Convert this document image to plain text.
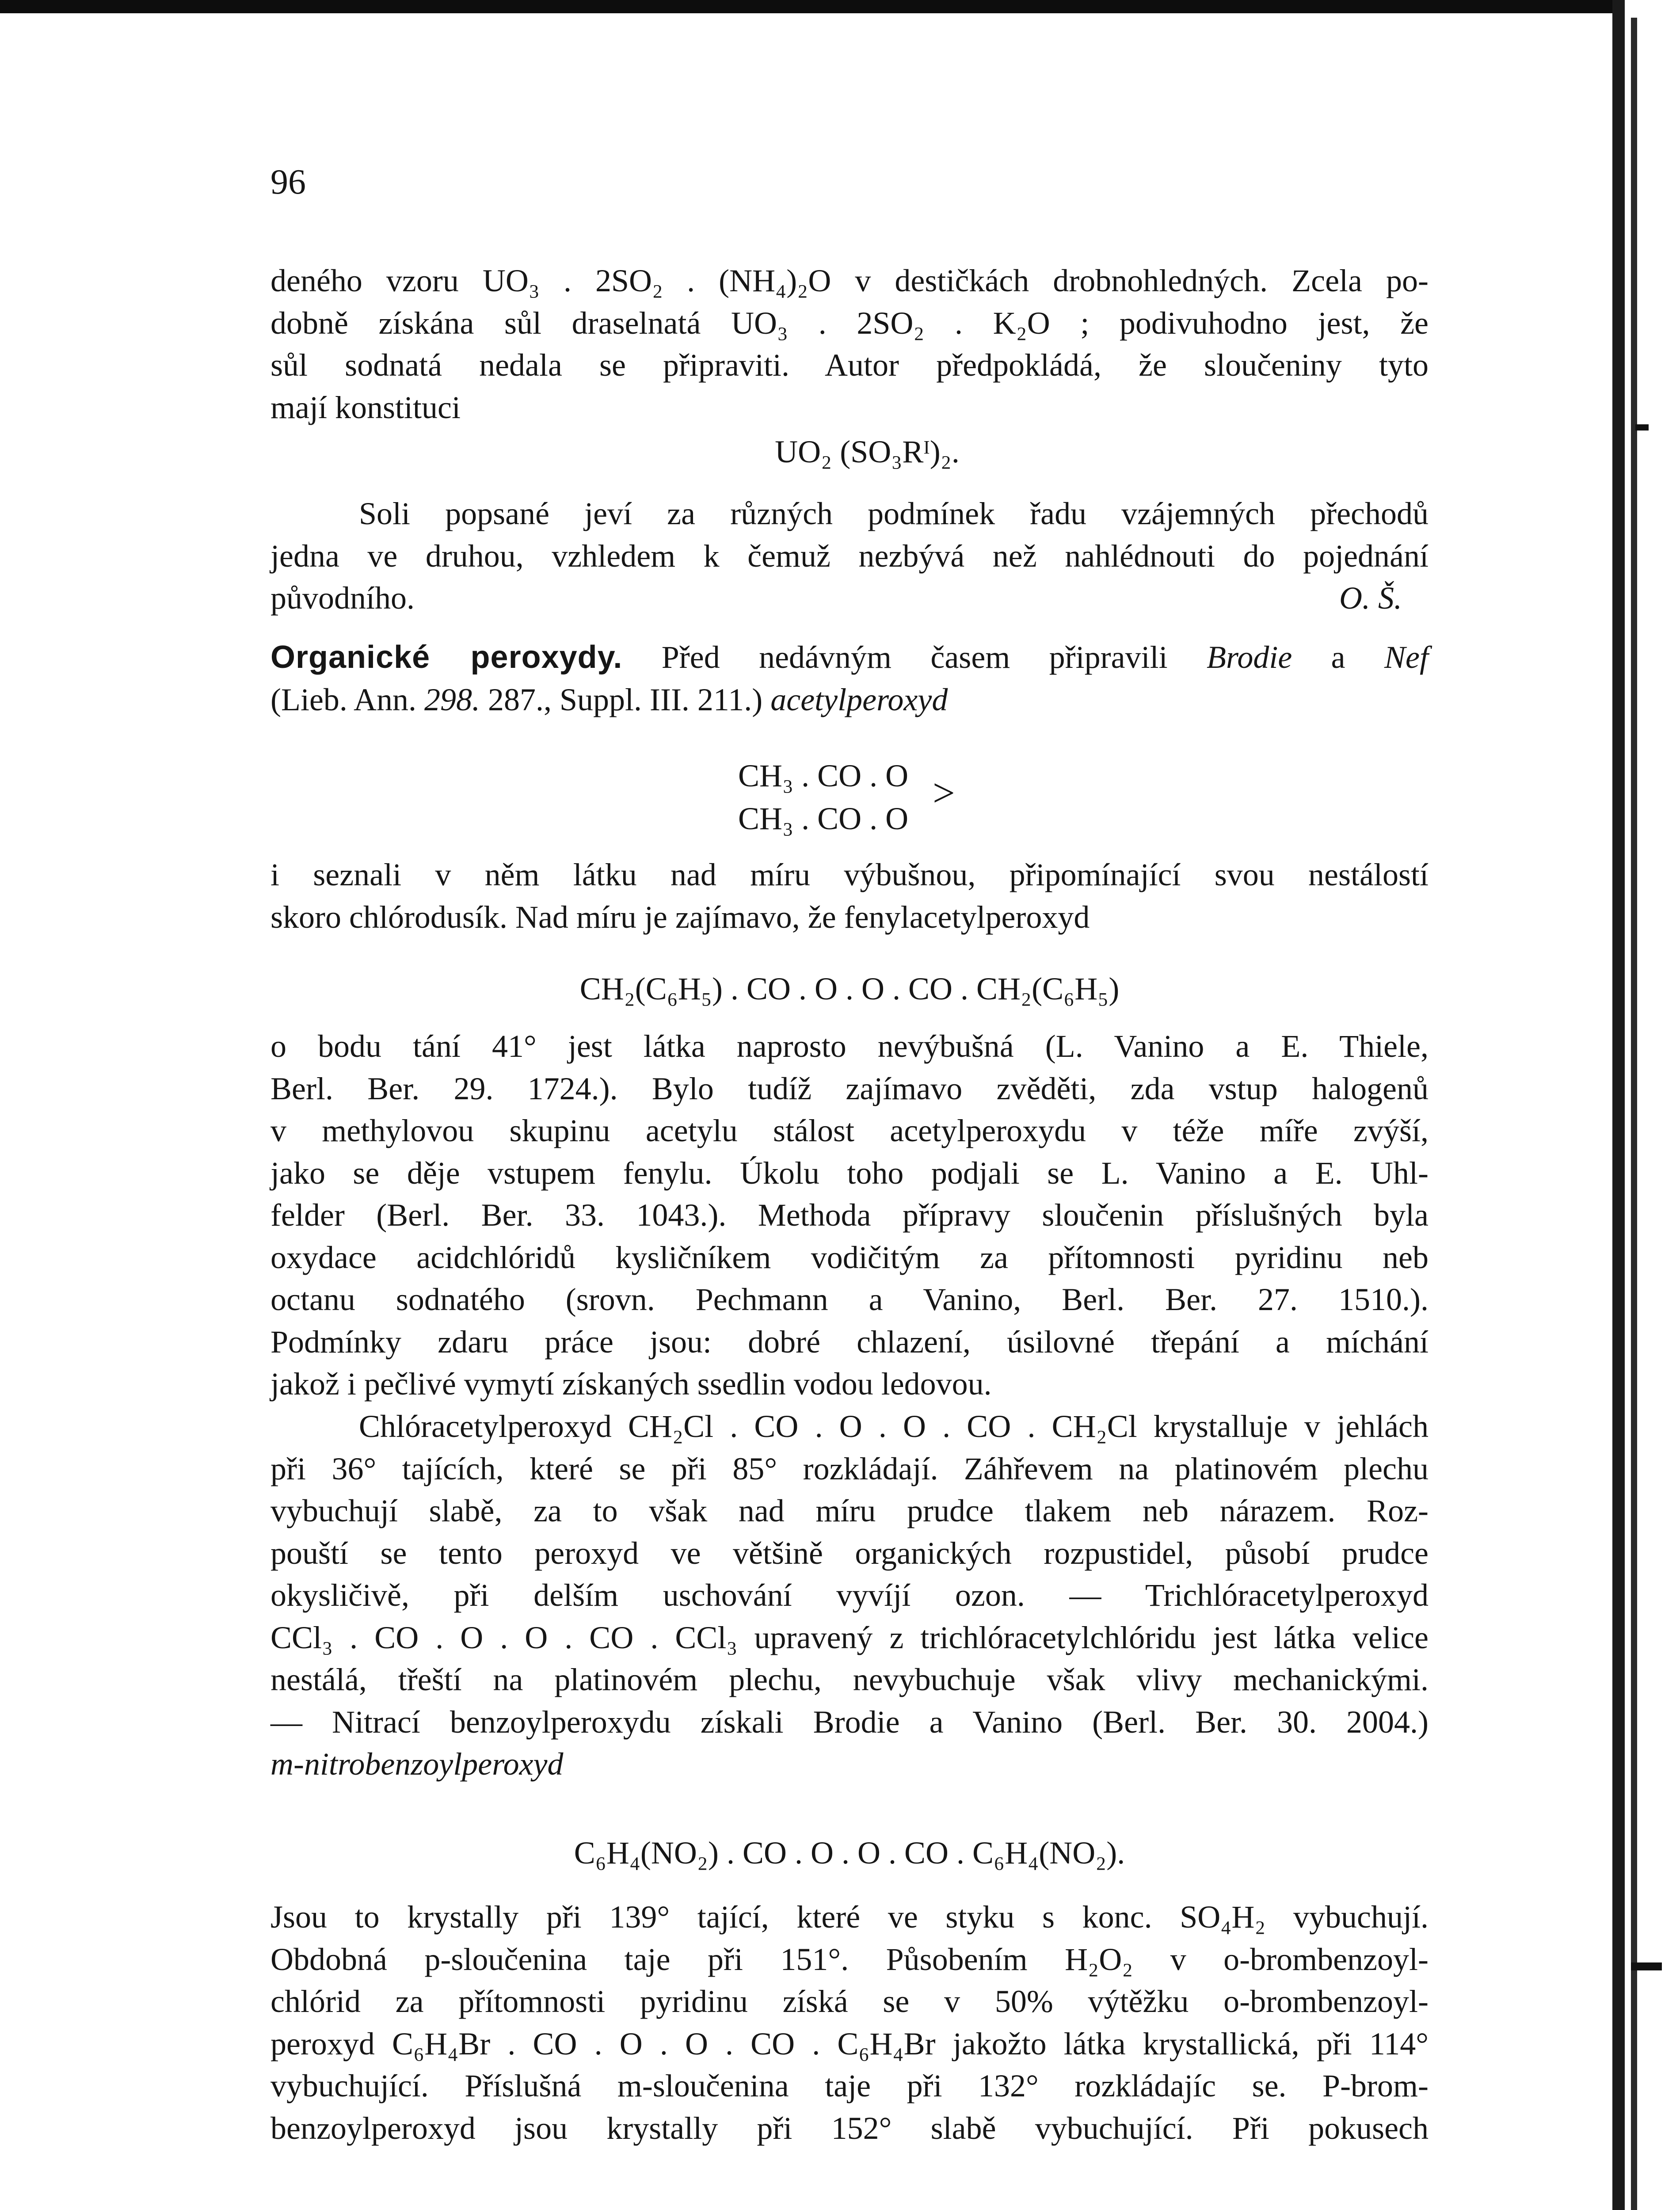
96
deného vzoru UO₃ . 2SO₂ . (NH₄)₂O v destičkách drobnohledných. Zcela po-
dobně získána sůl draselnatá UO₃ . 2SO₂ . K₂O ; podivuhodno jest, že
sůl sodnatá nedala se připraviti. Autor předpokládá, že sloučeniny tyto
mají konstituci
UO₂ (SO₃Rᴵ)₂.
Soli popsané jeví za různých podmínek řadu vzájemných přechodů
jedna ve druhou, vzhledem k čemuž nezbývá než nahlédnouti do pojednání
původního.	O. Š.
Organické peroxydy. Před nedávným časem připravili Brodie a Nef
(Lieb. Ann. 298. 287., Suppl. III. 211.) acetylperoxyd
CH₃ . CO . O
CH₃ . CO . O
>
i seznali v něm látku nad míru výbušnou, připomínající svou nestálostí
skoro chlórodusík. Nad míru je zajímavo, že fenylacetylperoxyd
CH₂(C₆H₅) . CO . O . O . CO . CH₂(C₆H₅)
o bodu tání 41° jest látka naprosto nevýbušná (L. Vanino a E. Thiele,
Berl. Ber. 29. 1724.). Bylo tudíž zajímavo zvěděti, zda vstup halogenů
v methylovou skupinu acetylu stálost acetylperoxydu v téže míře zvýší,
jako se děje vstupem fenylu. Úkolu toho podjali se L. Vanino a E. Uhl-
felder (Berl. Ber. 33. 1043.). Methoda přípravy sloučenin příslušných byla
oxydace acidchlóridů kysličníkem vodičitým za přítomnosti pyridinu neb
octanu sodnatého (srovn. Pechmann a Vanino, Berl. Ber. 27. 1510.).
Podmínky zdaru práce jsou: dobré chlazení, úsilovné třepání a míchání
jakož i pečlivé vymytí získaných ssedlin vodou ledovou.
Chlóracetylperoxyd CH₂Cl . CO . O . O . CO . CH₂Cl krystalluje v jehlách
při 36° tajících, které se při 85° rozkládají. Záhřevem na platinovém plechu
vybuchují slabě, za to však nad míru prudce tlakem neb nárazem. Roz-
pouští se tento peroxyd ve většině organických rozpustidel, působí prudce
okysličivě, při delším uschování vyvíjí ozon. — Trichlóracetylperoxyd
CCl₃ . CO . O . O . CO . CCl₃ upravený z trichlóracetylchlóridu jest látka velice
nestálá, třeští na platinovém plechu, nevybuchuje však vlivy mechanickými.
— Nitrací benzoylperoxydu získali Brodie a Vanino (Berl. Ber. 30. 2004.)
m-nitrobenzoylperoxyd
C₆H₄(NO₂) . CO . O . O . CO . C₆H₄(NO₂).
Jsou to krystally při 139° tající, které ve styku s konc. SO₄H₂ vybuchují.
Obdobná p-sloučenina taje při 151°. Působením H₂O₂ v o-brombenzoyl-
chlórid za přítomnosti pyridinu získá se v 50% výtěžku o-brombenzoyl-
peroxyd C₆H₄Br . CO . O . O . CO . C₆H₄Br jakožto látka krystallická, při 114°
vybuchující. Příslušná m-sloučenina taje při 132° rozkládajíc se. P-brom-
benzoylperoxyd jsou krystally při 152° slabě vybuchující. Při pokusech
